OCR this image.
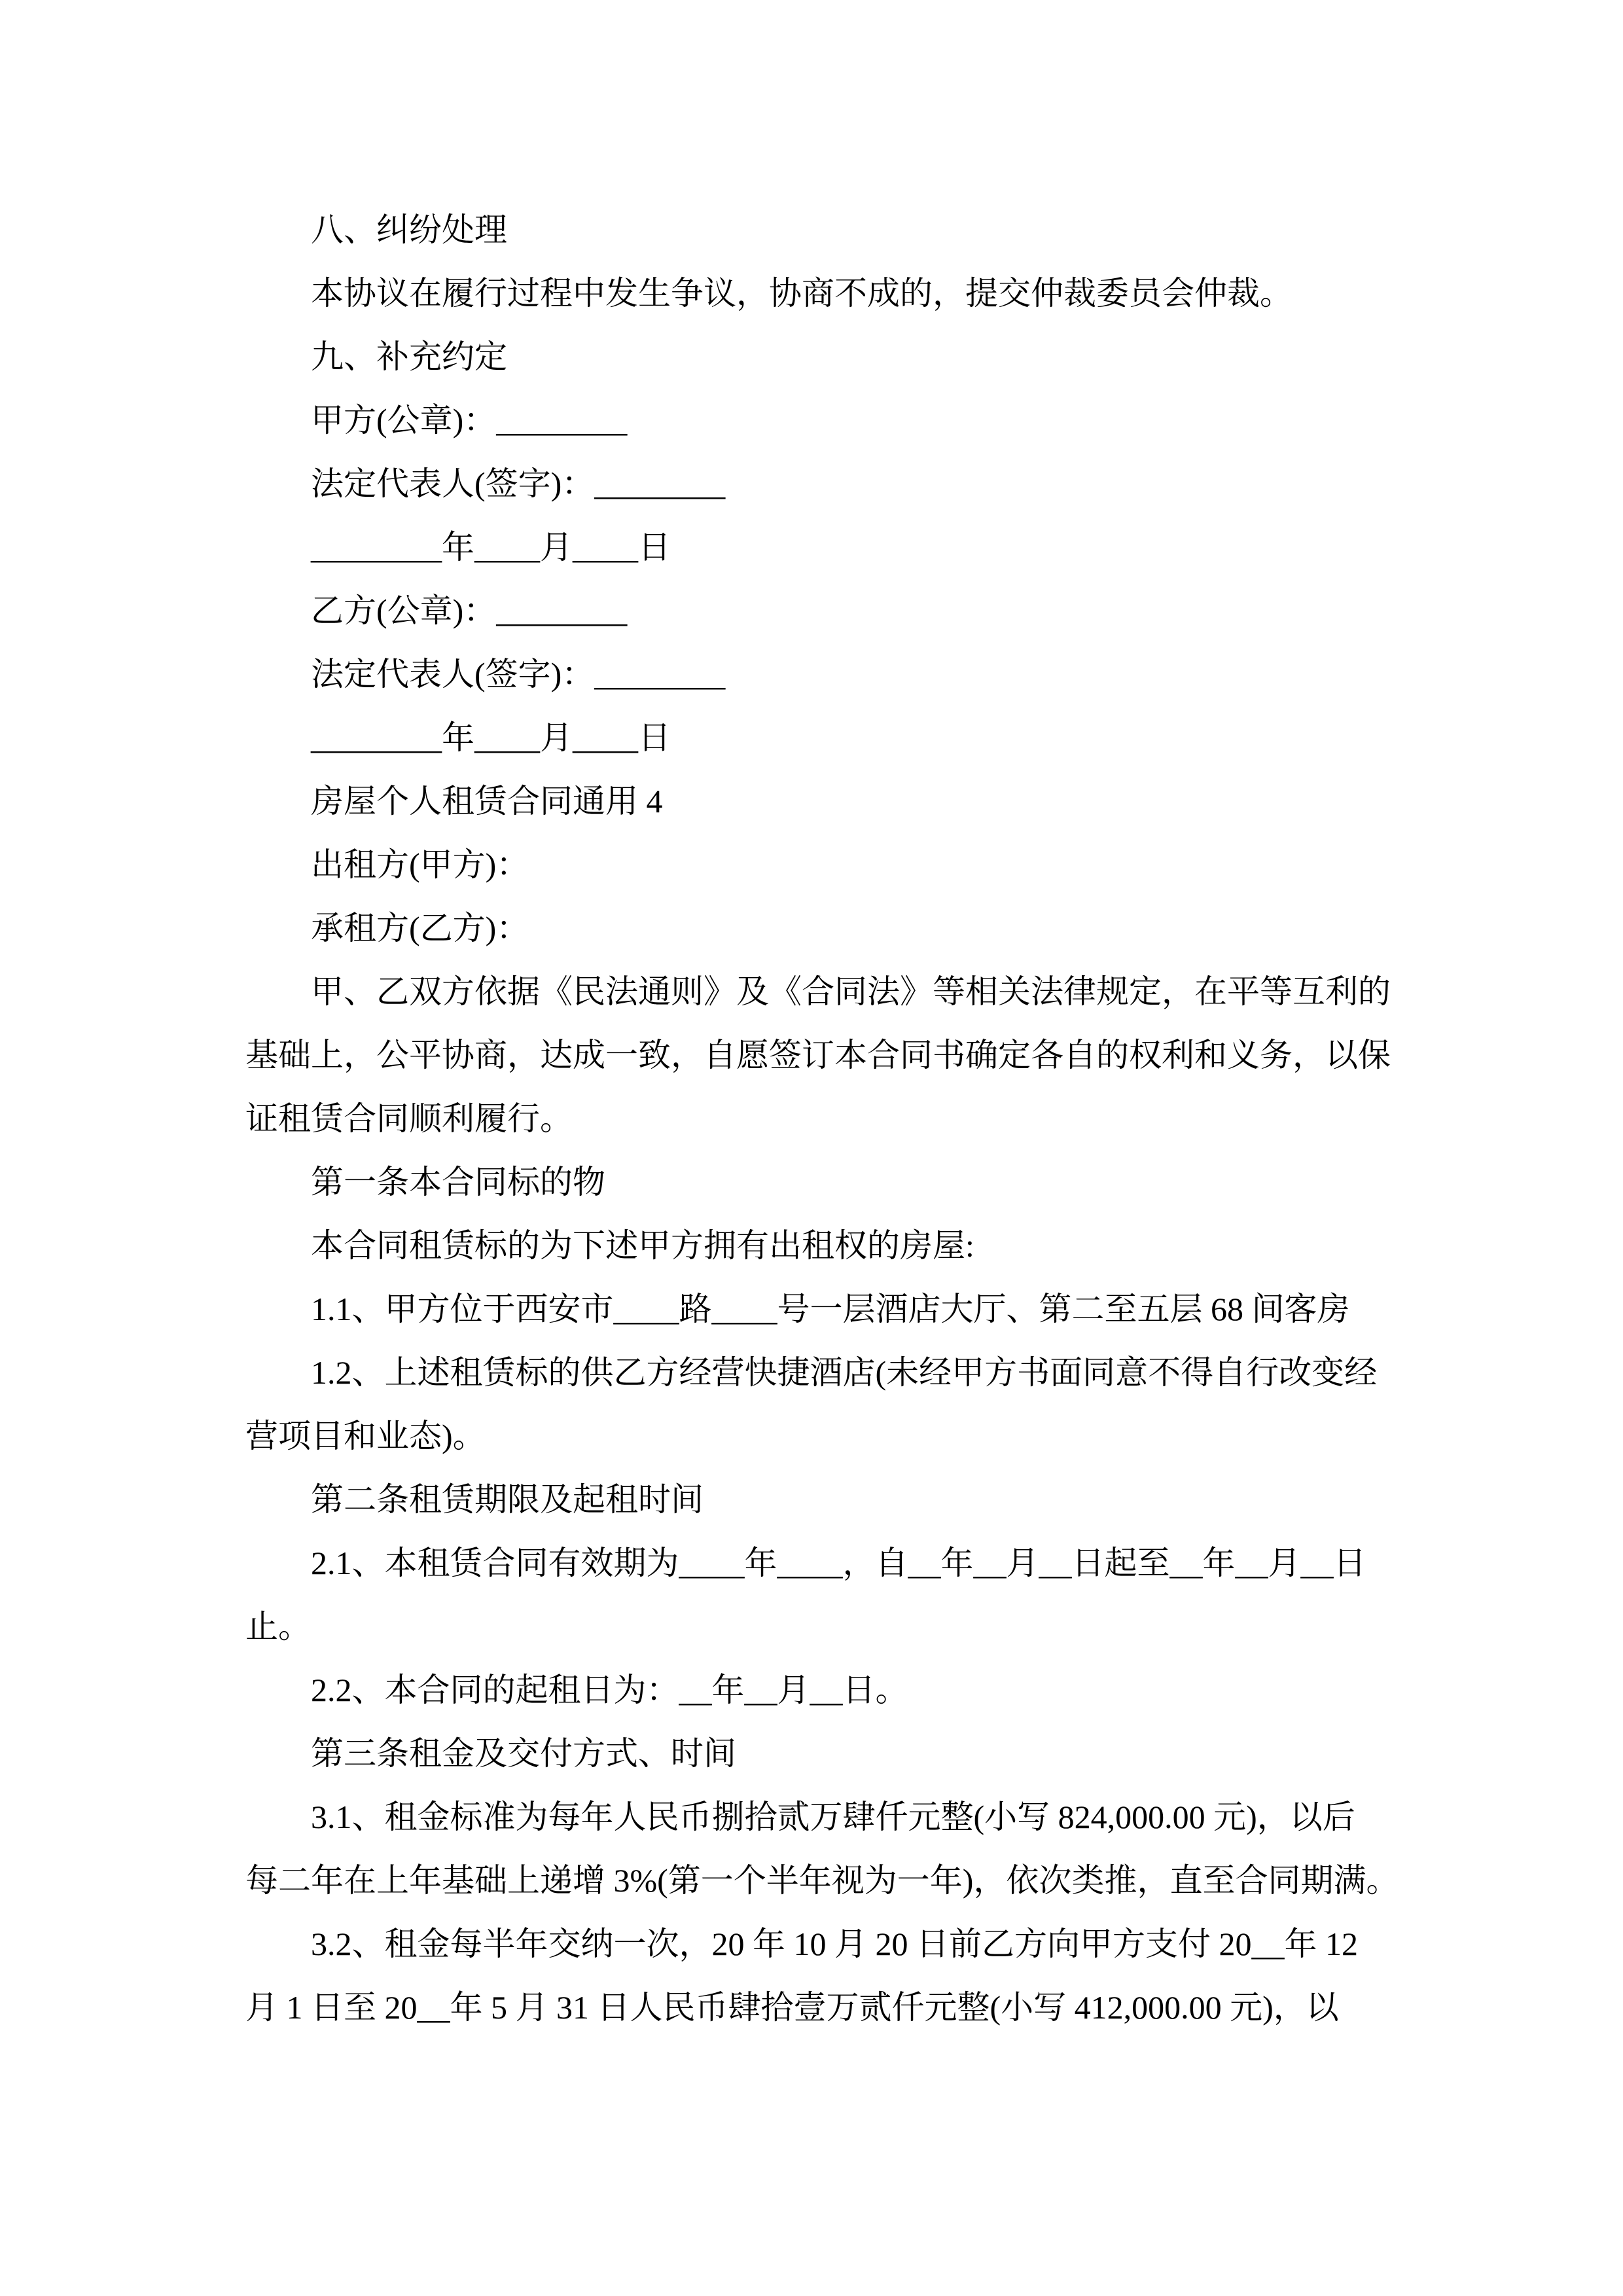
八、纠纷处理
本协议在履行过程中发生争议，协商不成的，提交仲裁委员会仲裁。
九、补充约定
甲方(公章)：________
法定代表人(签字)：________
________年____月____日
乙方(公章)：________
法定代表人(签字)：________
________年____月____日
房屋个人租赁合同通用 4
出租方(甲方)：
承租方(乙方)：
甲、乙双方依据《民法通则》及《合同法》等相关法律规定，在平等互利的
基础上，公平协商，达成一致，自愿签订本合同书确定各自的权利和义务，以保
证租赁合同顺利履行。
第一条本合同标的物
本合同租赁标的为下述甲方拥有出租权的房屋:
1.1、甲方位于西安市____路____号一层酒店大厅、第二至五层 68 间客房
1.2、上述租赁标的供乙方经营快捷酒店(未经甲方书面同意不得自行改变经
营项目和业态)。
第二条租赁期限及起租时间
2.1、本租赁合同有效期为____年____，自__年__月__日起至__年__月__日
止。
2.2、本合同的起租日为：__年__月__日。
第三条租金及交付方式、时间
3.1、租金标准为每年人民币捌拾贰万肆仟元整(小写 824,000.00 元)，以后
每二年在上年基础上递增 3%(第一个半年视为一年)，依次类推，直至合同期满。
3.2、租金每半年交纳一次，20 年 10 月 20 日前乙方向甲方支付 20__年 12
月 1 日至 20__年 5 月 31 日人民币肆拾壹万贰仟元整(小写 412,000.00 元)，以
